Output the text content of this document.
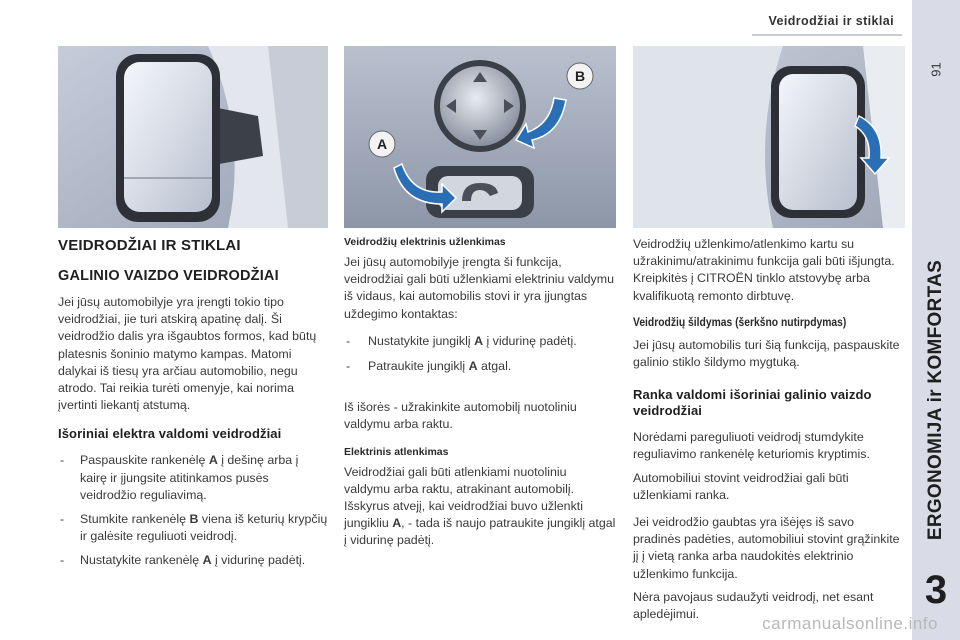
Veidrodžiai ir stiklai
91
ERGONOMIJA ir KOMFORTAS
3
A
B
VEIDRODŽIAI IR STIKLAI
GALINIO VAIZDO VEIDRODŽIAI

Jei jūsų automobilyje yra įrengti tokio tipo veidrodžiai, jie turi atskirą apatinę dalį. Ši veidrodžio dalis yra išgaubtos formos, kad būtų platesnis šoninio matymo kampas. Matomi dalykai iš tiesų yra arčiau automobilio, negu atrodo. Tai reikia turėti omenyje, kai norima įvertinti liekantį atstumą.

Išoriniai elektra valdomi veidrodžiai
- Paspauskite rankenėlę A į dešinę arba į kairę ir įjungsite atitinkamos pusės veidrodžio reguliavimą.
- Stumkite rankenėlę B viena iš keturių krypčių ir galėsite reguliuoti veidrodį.
- Nustatykite rankenėlę A į vidurinę padėtį.
Veidrodžių elektrinis užlenkimas

Jei jūsų automobilyje įrengta ši funkcija, veidrodžiai gali būti užlenkiami elektriniu valdymu iš vidaus, kai automobilis stovi ir yra įjungtas uždegimo kontaktas:

- Nustatykite jungiklį A į vidurinę padėtį.
- Patraukite jungiklį A atgal.

Iš išorės - užrakinkite automobilį nuotoliniu valdymu arba raktu.

Elektrinis atlenkimas

Veidrodžiai gali būti atlenkiami nuotoliniu valdymu arba raktu, atrakinant automobilį. Išskyrus atvejį, kai veidrodžiai buvo užlenkti jungikliu A, - tada iš naujo patraukite jungiklį atgal į vidurinę padėtį.

Veidrodžių užlenkimo/atlenkimo kartu su užrakinimu/atrakinimu funkcija gali būti išjungta. Kreipkitės į CITROËN tinklo atstovybę arba kvalifikuotą remonto dirbtuvę.

Veidrodžių šildymas (šerkšno nutirpdymas)

Jei jūsų automobilis turi šią funkciją, paspauskite galinio stiklo šildymo mygtuką.

Ranka valdomi išoriniai galinio vaizdo veidrodžiai

Norėdami pareguliuoti veidrodį stumdykite reguliavimo rankenėlę keturiomis kryptimis.

Automobiliui stovint veidrodžiai gali būti užlenkiami ranka.

Jei veidrodžio gaubtas yra išėjęs iš savo pradinės padėties, automobiliui stovint grąžinkite jį į vietą ranka arba naudokitės elektrinio užlenkimo funkcija.

Nėra pavojaus sudaužyti veidrodį, net esant apledėjimui.	carmanualsonline.info
